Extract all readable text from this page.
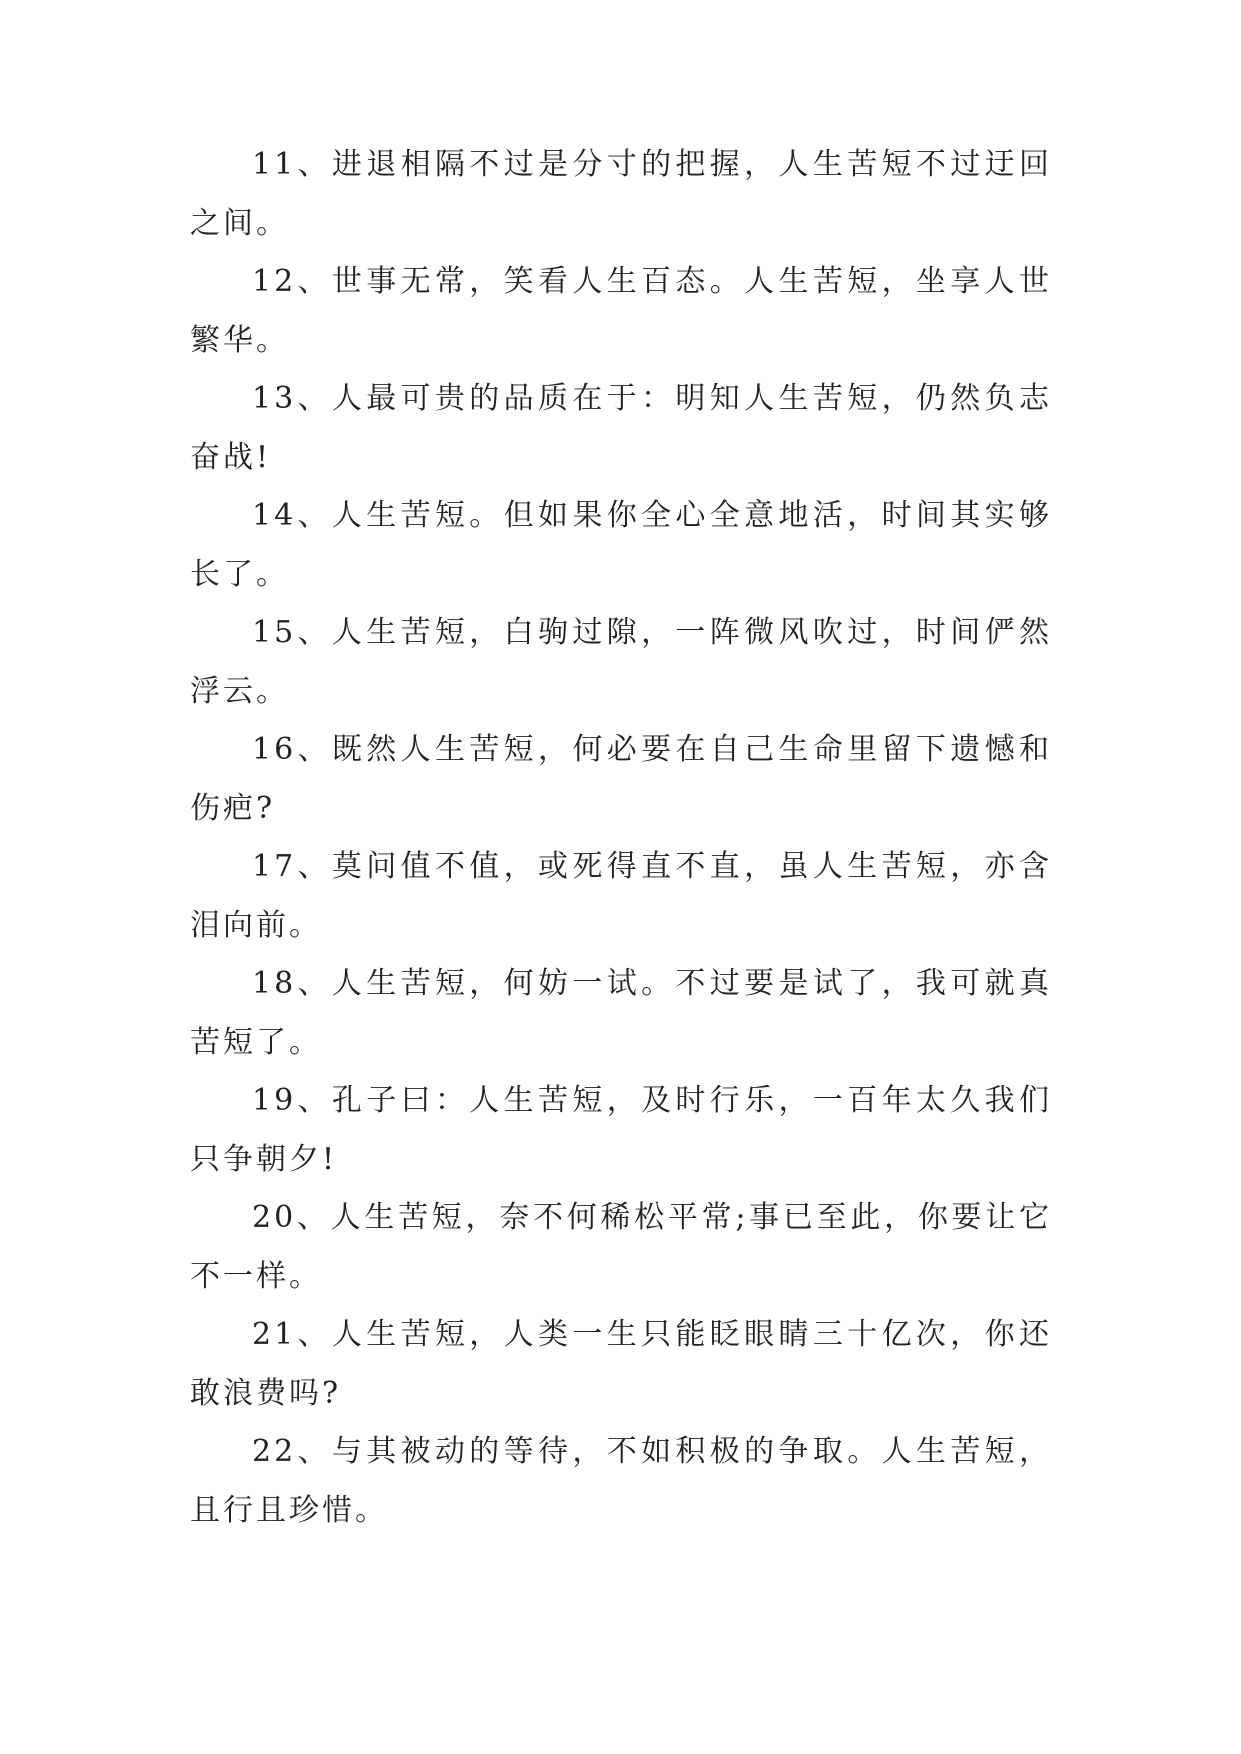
11、进退相隔不过是分寸的把握，人生苦短不过迂回之间。

12、世事无常，笑看人生百态。人生苦短，坐享人世繁华。

13、人最可贵的品质在于：明知人生苦短，仍然负志奋战!

14、人生苦短。但如果你全心全意地活，时间其实够长了。

15、人生苦短，白驹过隙，一阵微风吹过，时间俨然浮云。

16、既然人生苦短，何必要在自己生命里留下遗憾和伤疤?

17、莫问值不值，或死得直不直，虽人生苦短，亦含泪向前。

18、人生苦短，何妨一试。不过要是试了，我可就真苦短了。

19、孔子曰：人生苦短，及时行乐，一百年太久我们只争朝夕!

20、人生苦短，奈不何稀松平常;事已至此，你要让它不一样。

21、人生苦短，人类一生只能眨眼睛三十亿次，你还敢浪费吗?

22、与其被动的等待，不如积极的争取。人生苦短，且行且珍惜。
